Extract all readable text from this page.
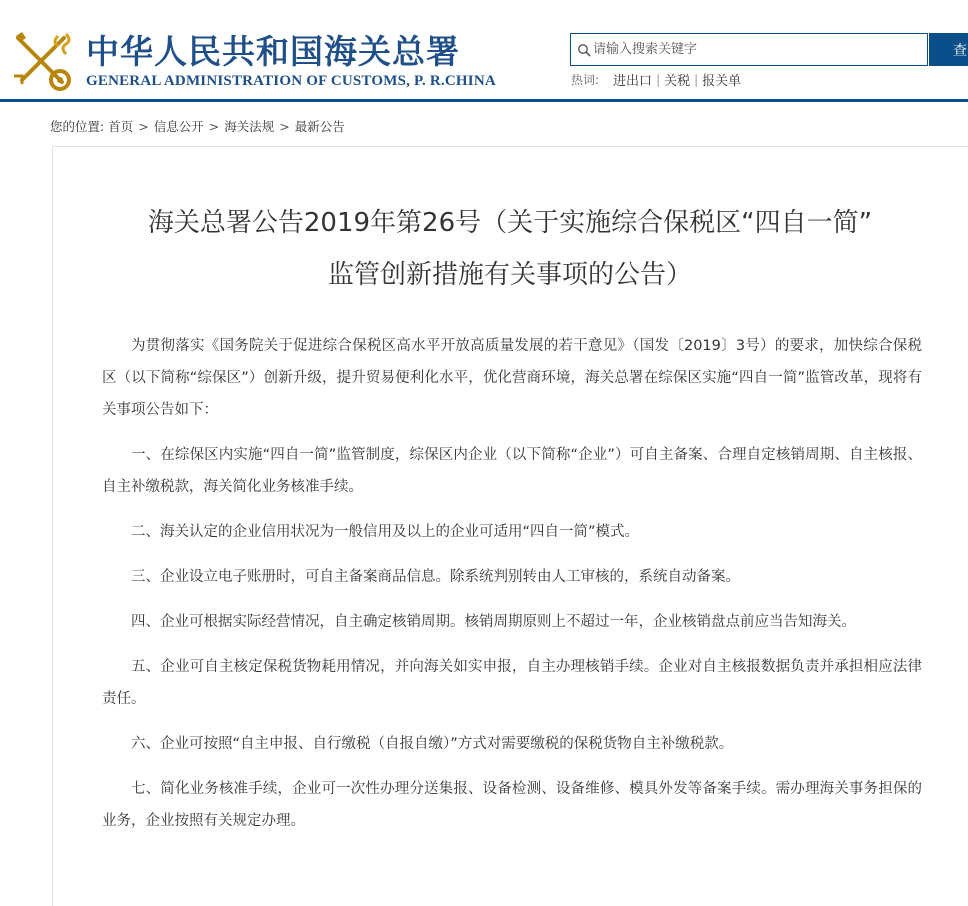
中华人民共和国海关总署
GENERAL ADMINISTRATION OF CUSTOMS, P. R.CHINA
请输入搜索关键字
查
热词:	进出口 | 关税 | 报关单
您的位置: 首页 > 信息公开 > 海关法规 > 最新公告
海关总署公告2019年第26号（关于实施综合保税区“四自一简”
监管创新措施有关事项的公告）

为贯彻落实《国务院关于促进综合保税区高水平开放高质量发展的若干意见》（国发〔2019〕3号）的要求，加快综合保税区（以下简称“综保区”）创新升级，提升贸易便利化水平，优化营商环境，海关总署在综保区实施“四自一简”监管改革，现将有关事项公告如下：

一、在综保区内实施“四自一简”监管制度，综保区内企业（以下简称“企业”）可自主备案、合理自定核销周期、自主核报、自主补缴税款，海关简化业务核准手续。

二、海关认定的企业信用状况为一般信用及以上的企业可适用“四自一简”模式。

三、企业设立电子账册时，可自主备案商品信息。除系统判别转由人工审核的，系统自动备案。

四、企业可根据实际经营情况，自主确定核销周期。核销周期原则上不超过一年，企业核销盘点前应当告知海关。

五、企业可自主核定保税货物耗用情况，并向海关如实申报，自主办理核销手续。企业对自主核报数据负责并承担相应法律责任。

六、企业可按照“自主申报、自行缴税（自报自缴）”方式对需要缴税的保税货物自主补缴税款。

七、简化业务核准手续，企业可一次性办理分送集报、设备检测、设备维修、模具外发等备案手续。需办理海关事务担保的业务，企业按照有关规定办理。
